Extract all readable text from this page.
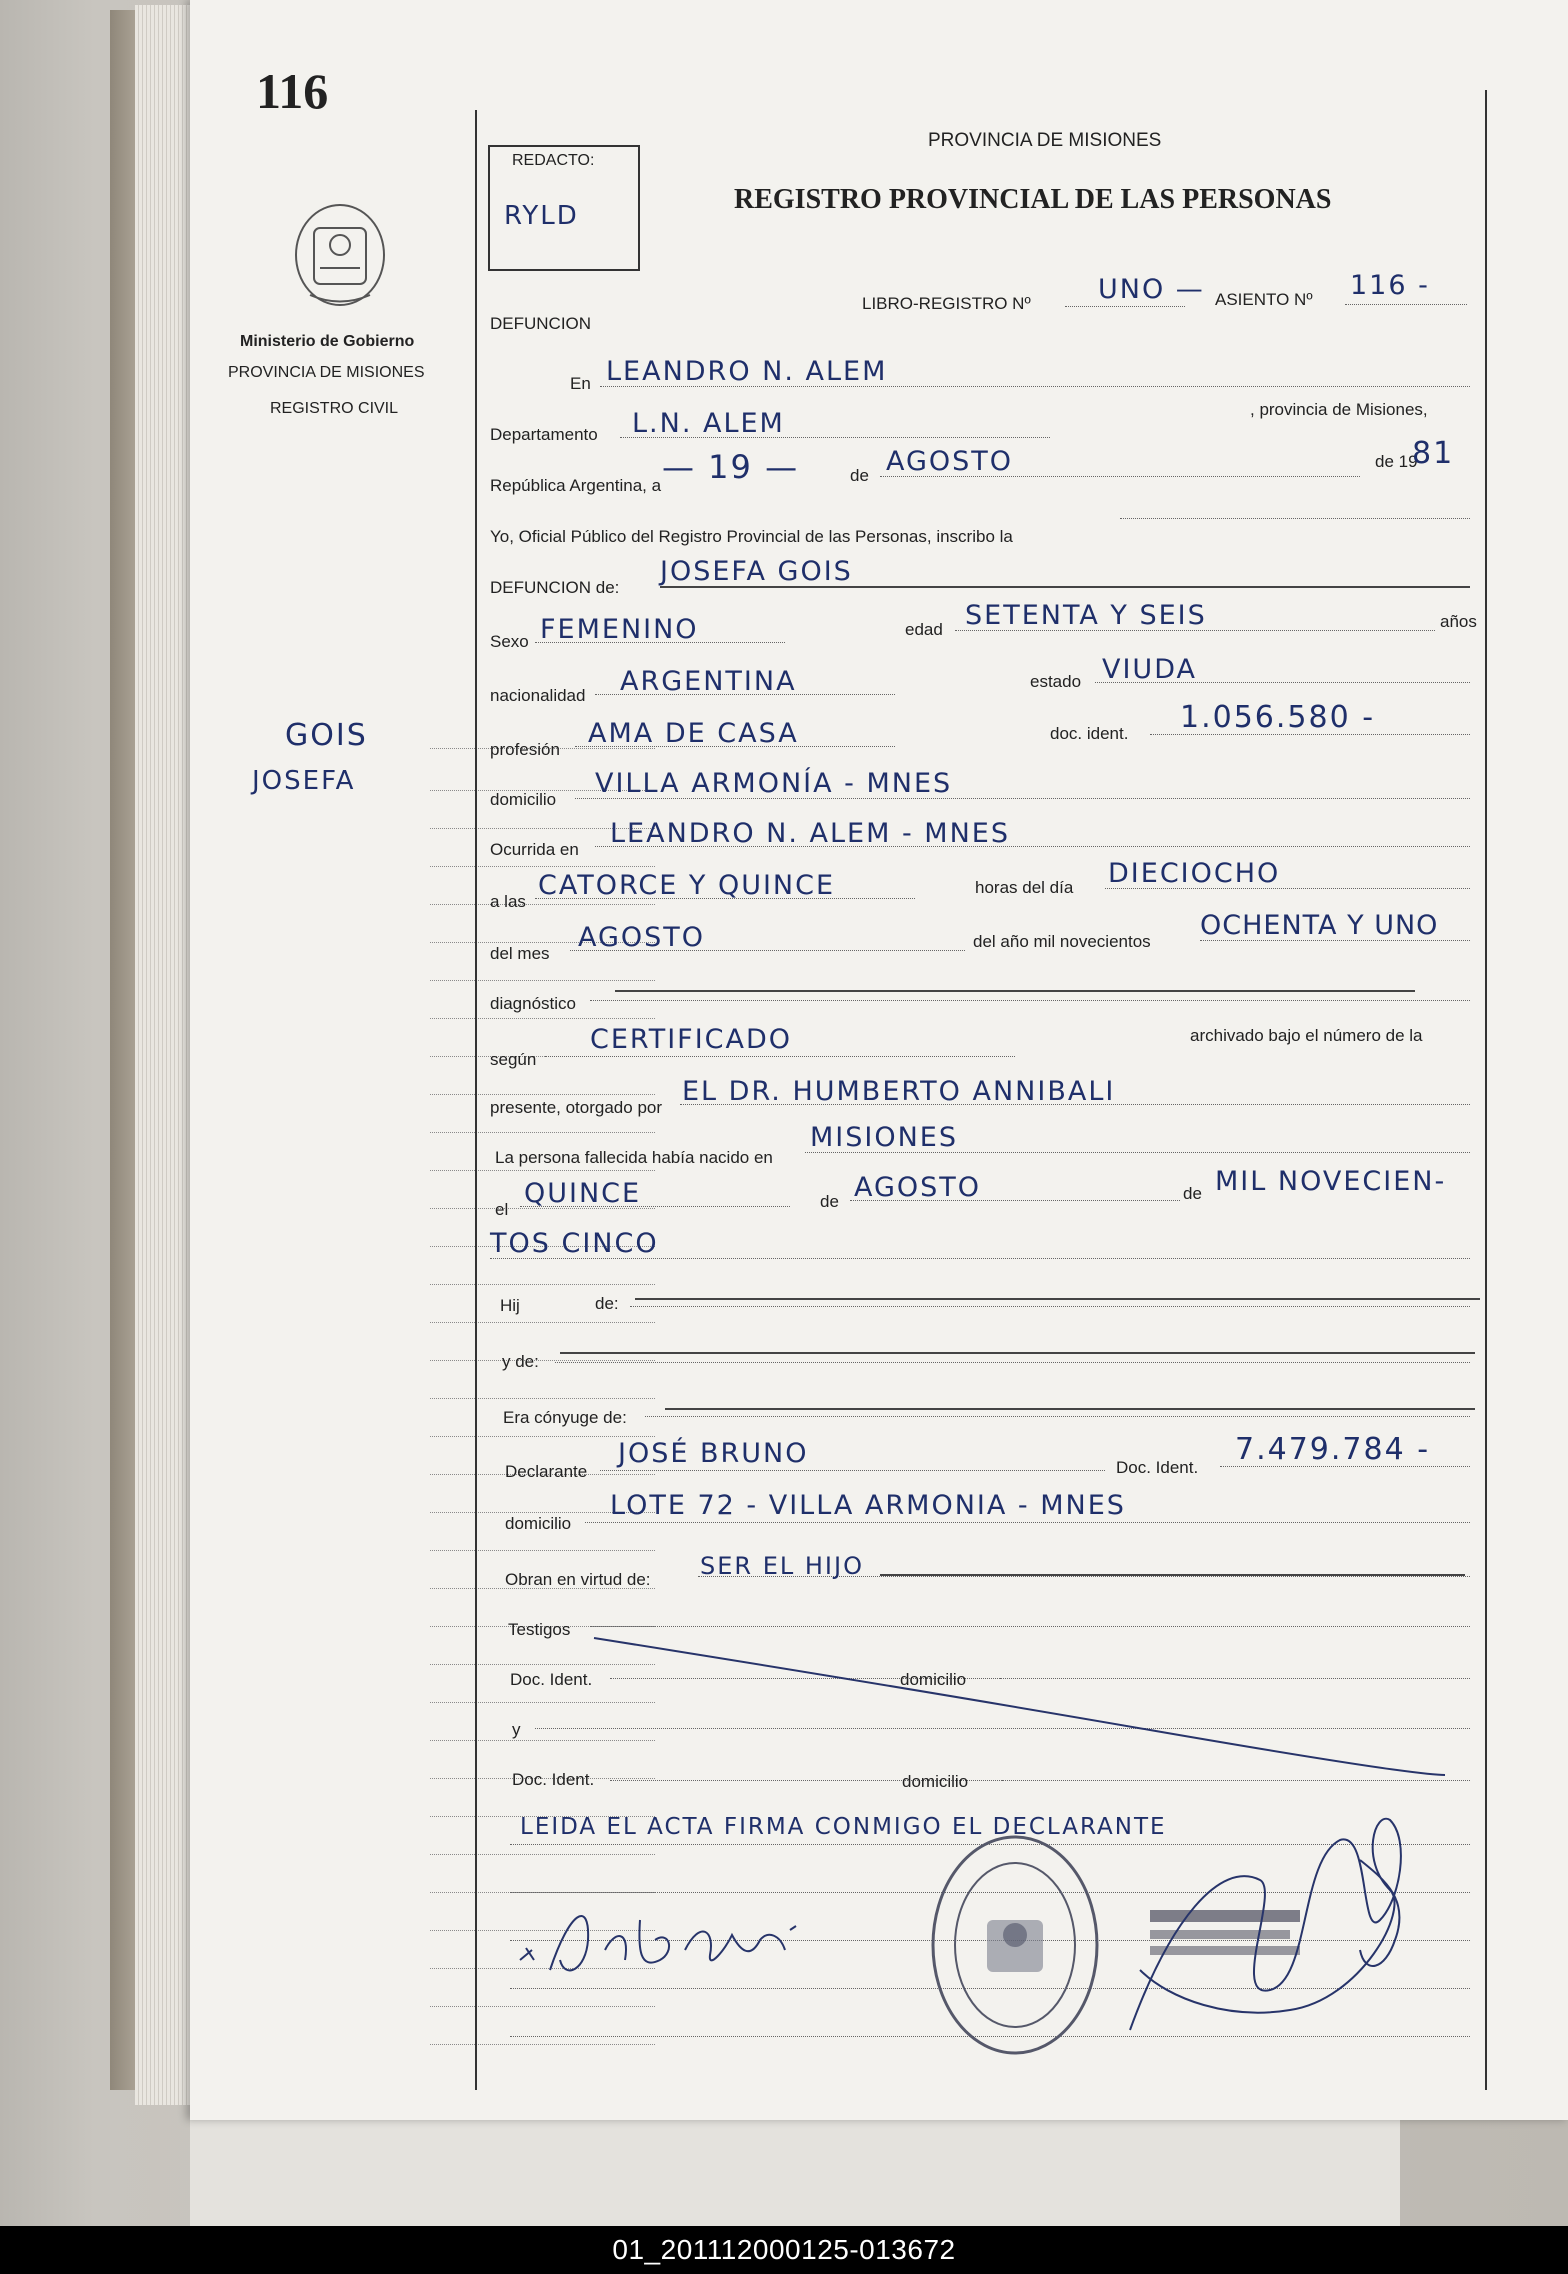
116
Ministerio de Gobierno
PROVINCIA DE MISIONES
REGISTRO CIVIL
GOIS
JOSEFA
REDACTO:
RYLD
PROVINCIA DE MISIONES
REGISTRO PROVINCIAL DE LAS PERSONAS
DEFUNCION
LIBRO-REGISTRO Nº UNO — ASIENTO Nº 116 -
En LEANDRO N. ALEM
Departamento L.N. ALEM	, provincia de Misiones,
República Argentina, a — 19 —	de AGOSTO	de 19
81
Yo, Oficial Público del Registro Provincial de las Personas, inscribo la
DEFUNCION de:
JOSEFA GOIS
Sexo FEMENINO	edad SETENTA Y SEIS	años
nacionalidad ARGENTINA	estado VIUDA
profesión
AMA DE CASA	doc. ident. 1.056.580 -
domicilio
VILLA ARMONÍA - MNES
Ocurrida en
LEANDRO N. ALEM - MNES
a las
CATORCE Y QUINCE	horas del día DIECIOCHO
del mes
AGOSTO	del año mil novecientos
OCHENTA Y UNO
diagnóstico
según
CERTIFICADO	archivado bajo el número de la
presente, otorgado por
EL DR. HUMBERTO ANNIBALI
La persona fallecida había nacido en
MISIONES
el
QUINCE	de AGOSTO	de MIL NOVECIEN-
TOS CINCO
Hij	de:
y de:
Era cónyuge de:
Declarante
JOSÉ BRUNO	Doc. Ident.
7.479.784 -
domicilio
LOTE 72 - VILLA ARMONIA - MNES
Obran en virtud de: SER EL HIJO
Testigos
Doc. Ident.	domicilio
y
Doc. Ident.	domicilio
LEIDA EL ACTA FIRMA CONMIGO EL DECLARANTE
01_201112000125-013672
